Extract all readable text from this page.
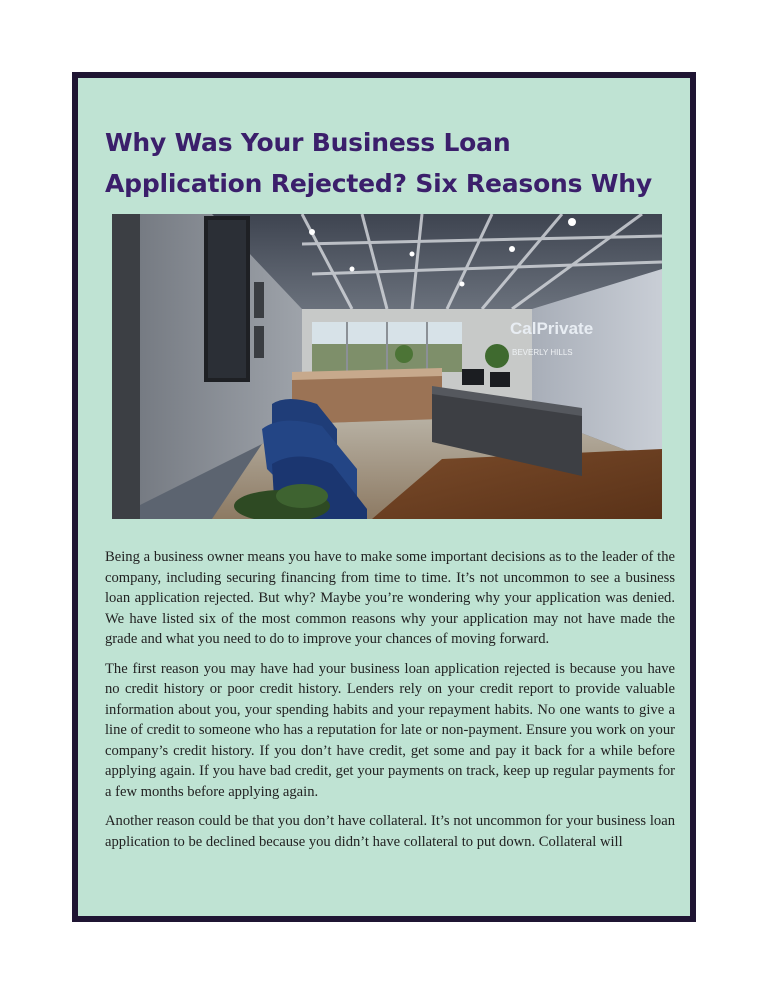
Why Was Your Business Loan Application Rejected? Six Reasons Why
CalPrivate
BEVERLY HILLS

Being a business owner means you have to make some important decisions as to the leader of the company, including securing financing from time to time. It’s not uncommon to see a business loan application rejected. But why? Maybe you’re wondering why your application was denied. We have listed six of the most common reasons why your application may not have made the grade and what you need to do to improve your chances of moving forward.

The first reason you may have had your business loan application rejected is because you have no credit history or poor credit history. Lenders rely on your credit report to provide valuable information about you, your spending habits and your repayment habits. No one wants to give a line of credit to someone who has a reputation for late or non-payment. Ensure you work on your company’s credit history. If you don’t have credit, get some and pay it back for a while before applying again. If you have bad credit, get your payments on track, keep up regular payments for a few months before applying again.

Another reason could be that you don’t have collateral. It’s not uncommon for your business loan application to be declined because you didn’t have collateral to put down. Collateral will
